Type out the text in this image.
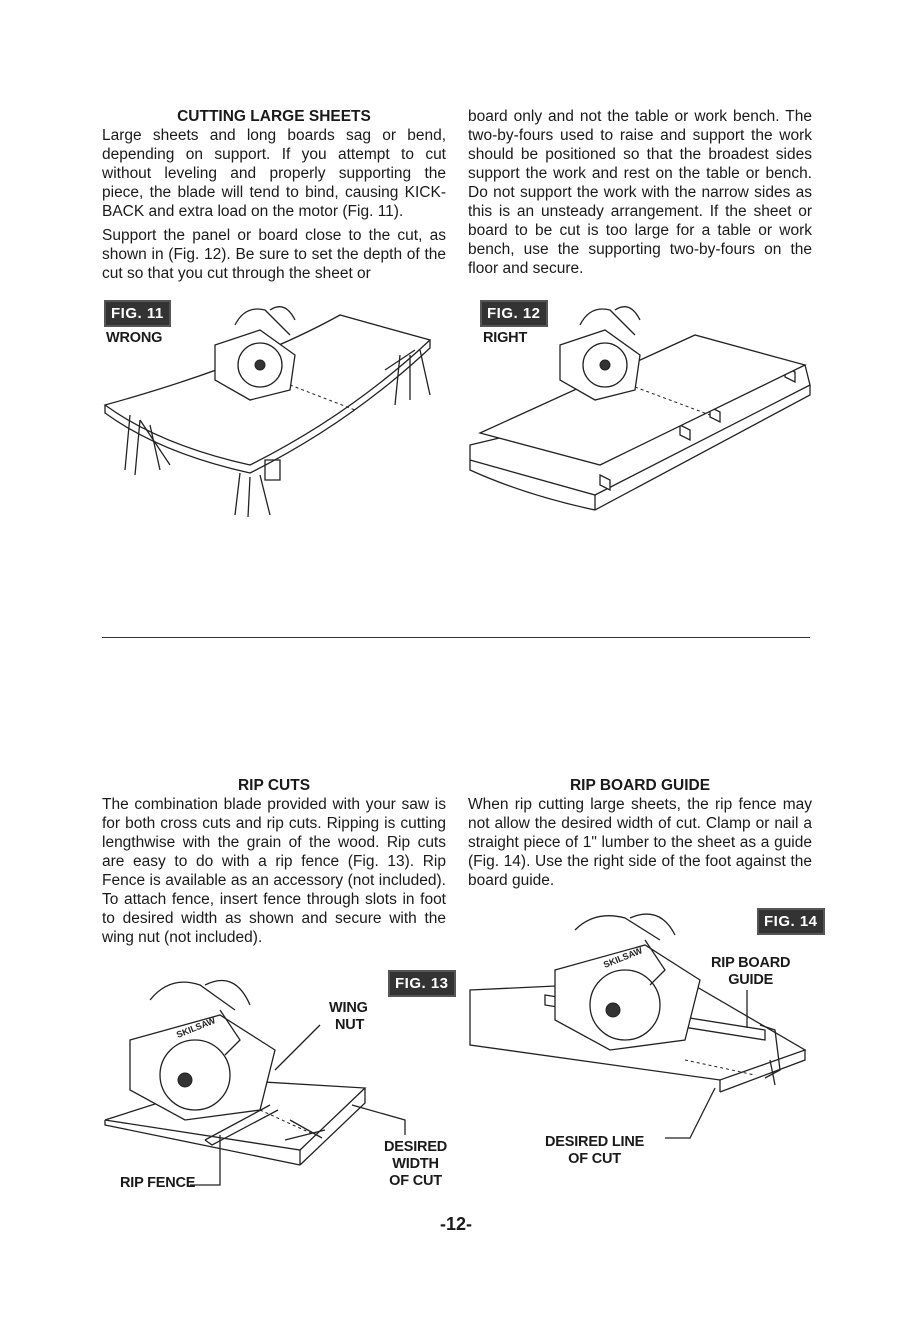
CUTTING LARGE SHEETS

Large sheets and long boards sag or bend, depending on support. If you attempt to cut without leveling and properly supporting the piece, the blade will tend to bind, causing KICK-BACK and extra load on the motor (Fig. 11).

Support the panel or board close to the cut, as shown in (Fig. 12). Be sure to set the depth of the cut so that you cut through the sheet or

board only and not the table or work bench. The two-by-fours used to raise and support the work should be positioned so that the broadest sides support the work and rest on the table or bench. Do not support the work with the narrow sides as this is an unsteady arrangement. If the sheet or board to be cut is too large for a table or work bench, use the supporting two-by-fours on the floor and secure.

FIG. 11
WRONG
FIG. 12
RIGHT
RIP CUTS

The combination blade provided with your saw is for both cross cuts and rip cuts. Ripping is cutting lengthwise with the grain of the wood. Rip cuts are easy to do with a rip fence (Fig. 13). Rip Fence is available as an accessory (not included). To attach fence, insert fence through slots in foot to desired width as shown and secure with the wing nut (not included).

RIP BOARD GUIDE

When rip cutting large sheets, the rip fence may not allow the desired width of cut. Clamp or nail a straight piece of 1" lumber to the sheet as a guide (Fig. 14). Use the right side of the foot against the board guide.

FIG. 13
SKILSAW
WING
NUT
DESIRED
WIDTH
OF CUT
RIP FENCE
FIG. 14
SKILSAW	RIP BOARD
GUIDE
DESIRED LINE
OF CUT
-12-
